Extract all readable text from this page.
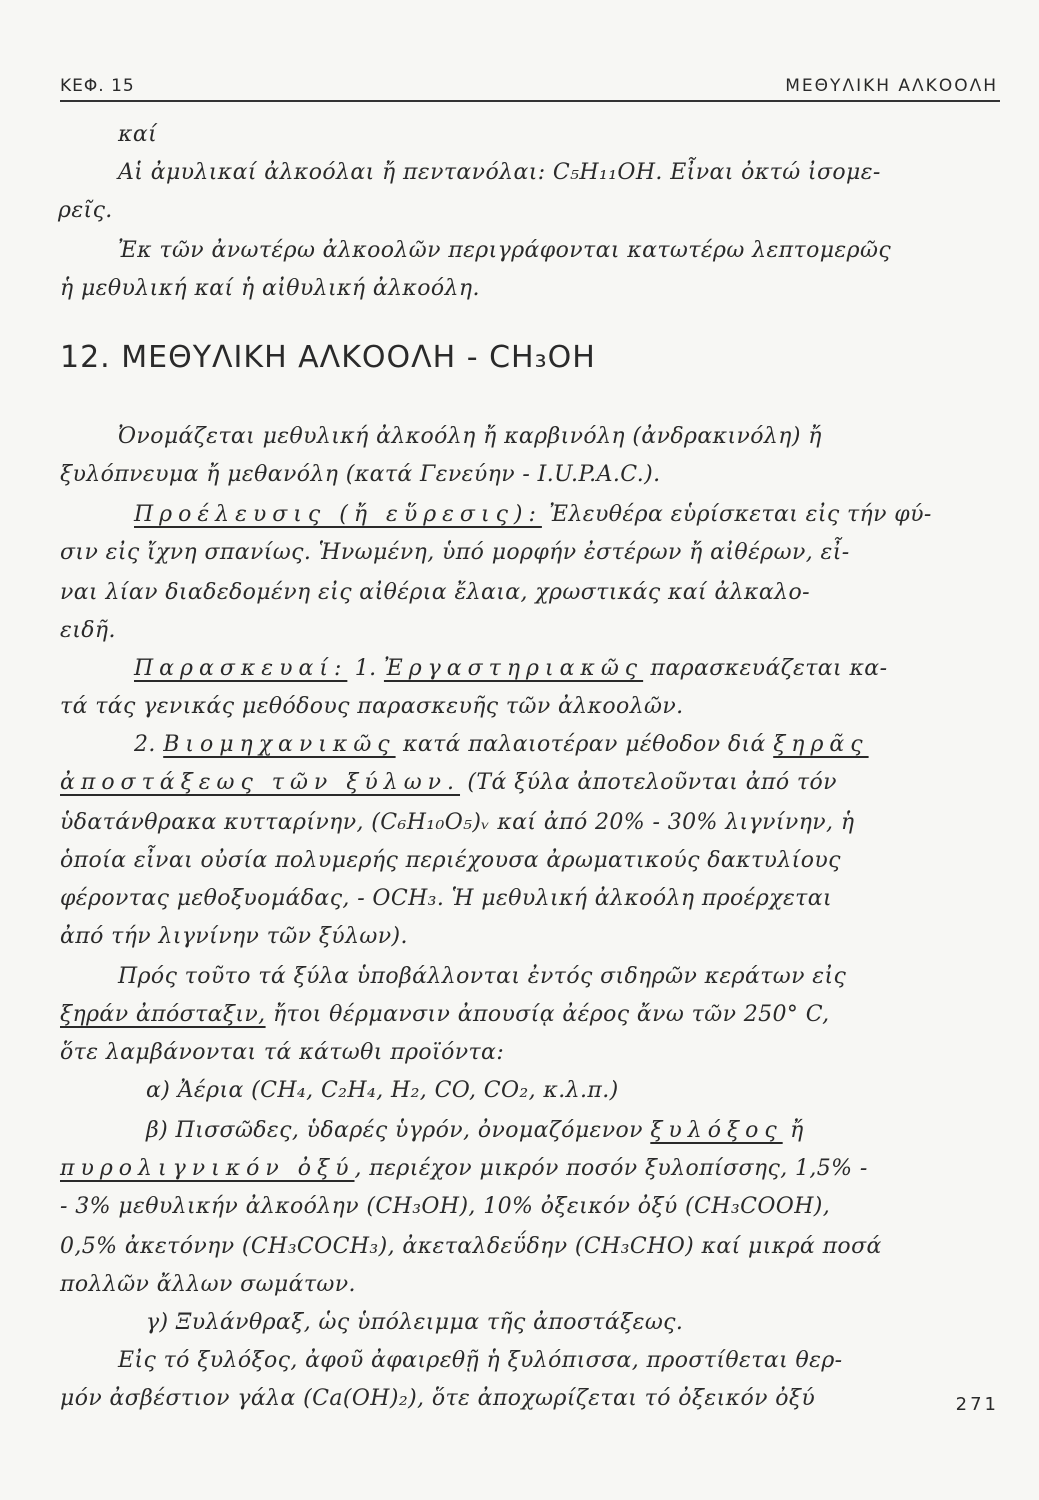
ΚΕΦ. 15	ΜΕΘΥΛΙΚΗ ΑΛΚΟΟΛΗ
καί
Αἱ ἀμυλικαί ἀλκοόλαι ἤ πεντανόλαι: C₅H₁₁OH. Εἶναι ὀκτώ ἰσομε-
ρεῖς.
Ἐκ τῶν ἀνωτέρω ἀλκοολῶν περιγράφονται κατωτέρω λεπτομερῶς
ἡ μεθυλική καί ἡ αἰθυλική ἀλκοόλη.
12. ΜΕΘΥΛΙΚΗ ΑΛΚΟΟΛΗ - CH₃OH
Ὀνομάζεται μεθυλική ἀλκοόλη ἤ καρβινόλη (ἀνδρακινόλη) ἤ
ξυλόπνευμα ἤ μεθανόλη (κατά Γενεύην - I.U.P.A.C.).
Προέλευσις (ἤ εὕρεσις): Ἐλευθέρα εὑρίσκεται εἰς τήν φύ-
σιν εἰς ἴχνη σπανίως. Ἡνωμένη, ὑπό μορφήν ἐστέρων ἤ αἰθέρων, εἶ-
ναι λίαν διαδεδομένη εἰς αἰθέρια ἔλαια, χρωστικάς καί ἀλκαλο-
ειδῆ.
Παρασκευαί: 1. Ἐργαστηριακῶς παρασκευάζεται κα-
τά τάς γενικάς μεθόδους παρασκευῆς τῶν ἀλκοολῶν.
2. Βιομηχανικῶς κατά παλαιοτέραν μέθοδον διά ξηρᾶς
ἀποστάξεως τῶν ξύλων. (Τά ξύλα ἀποτελοῦνται ἀπό τόν
ὑδατάνθρακα κυτταρίνην, (C₆H₁₀O₅)ᵥ καί ἀπό 20% - 30% λιγνίνην, ἡ
ὁποία εἶναι οὐσία πολυμερής περιέχουσα ἀρωματικούς δακτυλίους
φέροντας μεθοξυομάδας, - OCH₃. Ἡ μεθυλική ἀλκοόλη προέρχεται
ἀπό τήν λιγνίνην τῶν ξύλων).
Πρός τοῦτο τά ξύλα ὑποβάλλονται ἐντός σιδηρῶν κεράτων εἰς
ξηράν ἀπόσταξιν, ἤτοι θέρμανσιν ἀπουσίᾳ ἀέρος ἄνω τῶν 250° C,
ὅτε λαμβάνονται τά κάτωθι προϊόντα:
α) Ἀέρια (CH₄, C₂H₄, H₂, CO, CO₂, κ.λ.π.)
β) Πισσῶδες, ὑδαρές ὑγρόν, ὀνομαζόμενον ξυλόξος ἤ
πυρολιγνικόν ὀξύ, περιέχον μικρόν ποσόν ξυλοπίσσης, 1,5% -
- 3% μεθυλικήν ἀλκοόλην (CH₃OH), 10% ὀξεικόν ὀξύ (CH₃COOH),
0,5% ἀκετόνην (CH₃COCH₃), ἀκεταλδεΰδην (CH₃CHO) καί μικρά ποσά
πολλῶν ἄλλων σωμάτων.
γ) Ξυλάνθραξ, ὡς ὑπόλειμμα τῆς ἀποστάξεως.
Εἰς τό ξυλόξος, ἀφοῦ ἀφαιρεθῇ ἡ ξυλόπισσα, προστίθεται θερ-
μόν ἀσβέστιον γάλα (Ca(OH)₂), ὅτε ἀποχωρίζεται τό ὀξεικόν ὀξύ	271
